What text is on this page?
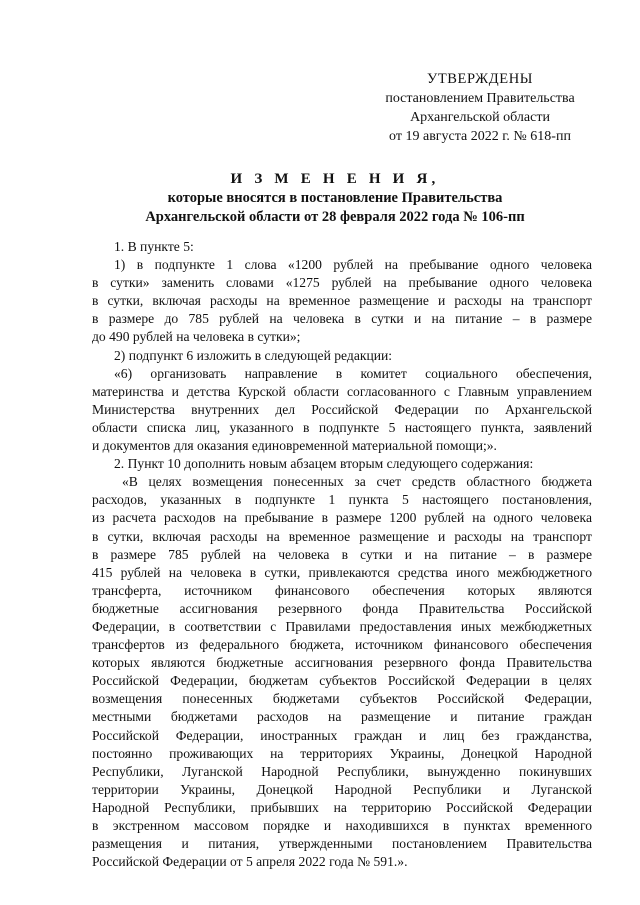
УТВЕРЖДЕНЫ
постановлением Правительства
Архангельской области
от 19 августа 2022 г. № 618-пп
И З М Е Н Е Н И Я,
которые вносятся в постановление Правительства
Архангельской области от 28 февраля 2022 года № 106-пп
1. В пункте 5:
1) в подпункте 1 слова «1200 рублей на пребывание одного человека
в сутки» заменить словами «1275 рублей на пребывание одного человека
в сутки, включая расходы на временное размещение и расходы на транспорт
в размере до 785 рублей на человека в сутки и на питание – в размере
до 490 рублей на человека в сутки»;
2) подпункт 6 изложить в следующей редакции:
«6) организовать направление в комитет социального обеспечения,
материнства и детства Курской области согласованного с Главным управлением
Министерства внутренних дел Российской Федерации по Архангельской
области списка лиц, указанного в подпункте 5 настоящего пункта, заявлений
и документов для оказания единовременной материальной помощи;».
2. Пункт 10 дополнить новым абзацем вторым следующего содержания:
«В целях возмещения понесенных за счет средств областного бюджета
расходов, указанных в подпункте 1 пункта 5 настоящего постановления,
из расчета расходов на пребывание в размере 1200 рублей на одного человека
в сутки, включая расходы на временное размещение и расходы на транспорт
в размере 785 рублей на человека в сутки и на питание – в размере
415 рублей на человека в сутки, привлекаются средства иного межбюджетного
трансферта, источником финансового обеспечения которых являются
бюджетные ассигнования резервного фонда Правительства Российской
Федерации, в соответствии с Правилами предоставления иных межбюджетных
трансфертов из федерального бюджета, источником финансового обеспечения
которых являются бюджетные ассигнования резервного фонда Правительства
Российской Федерации, бюджетам субъектов Российской Федерации в целях
возмещения понесенных бюджетами субъектов Российской Федерации,
местными бюджетами расходов на размещение и питание граждан
Российской Федерации, иностранных граждан и лиц без гражданства,
постоянно проживающих на территориях Украины, Донецкой Народной
Республики, Луганской Народной Республики, вынужденно покинувших
территории Украины, Донецкой Народной Республики и Луганской
Народной Республики, прибывших на территорию Российской Федерации
в экстренном массовом порядке и находившихся в пунктах временного
размещения и питания, утвержденными постановлением Правительства
Российской Федерации от 5 апреля 2022 года № 591.».
